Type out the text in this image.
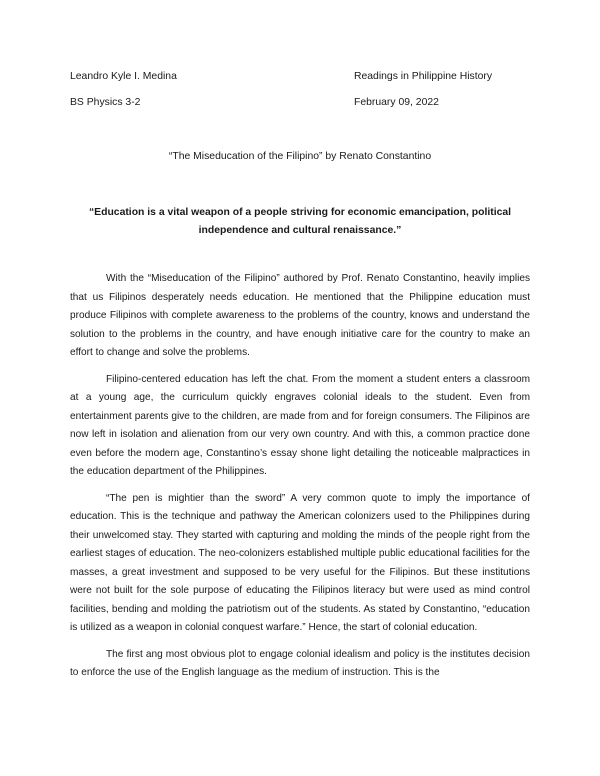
Leandro Kyle I. Medina	Readings in Philippine History
BS Physics 3-2	February 09, 2022
“The Miseducation of the Filipino” by Renato Constantino
“Education is a vital weapon of a people striving for economic emancipation, political independence and cultural renaissance.”

With the “Miseducation of the Filipino” authored by Prof. Renato Constantino, heavily implies that us Filipinos desperately needs education. He mentioned that the Philippine education must produce Filipinos with complete awareness to the problems of the country, knows and understand the solution to the problems in the country, and have enough initiative care for the country to make an effort to change and solve the problems.

Filipino-centered education has left the chat. From the moment a student enters a classroom at a young age, the curriculum quickly engraves colonial ideals to the student. Even from entertainment parents give to the children, are made from and for foreign consumers. The Filipinos are now left in isolation and alienation from our very own country. And with this, a common practice done even before the modern age, Constantino’s essay shone light detailing the noticeable malpractices in the education department of the Philippines.

“The pen is mightier than the sword” A very common quote to imply the importance of education. This is the technique and pathway the American colonizers used to the Philippines during their unwelcomed stay. They started with capturing and molding the minds of the people right from the earliest stages of education. The neo-colonizers established multiple public educational facilities for the masses, a great investment and supposed to be very useful for the Filipinos. But these institutions were not built for the sole purpose of educating the Filipinos literacy but were used as mind control facilities, bending and molding the patriotism out of the students. As stated by Constantino, “education is utilized as a weapon in colonial conquest warfare.” Hence, the start of colonial education.

The first ang most obvious plot to engage colonial idealism and policy is the institutes decision to enforce the use of the English language as the medium of instruction. This is the
